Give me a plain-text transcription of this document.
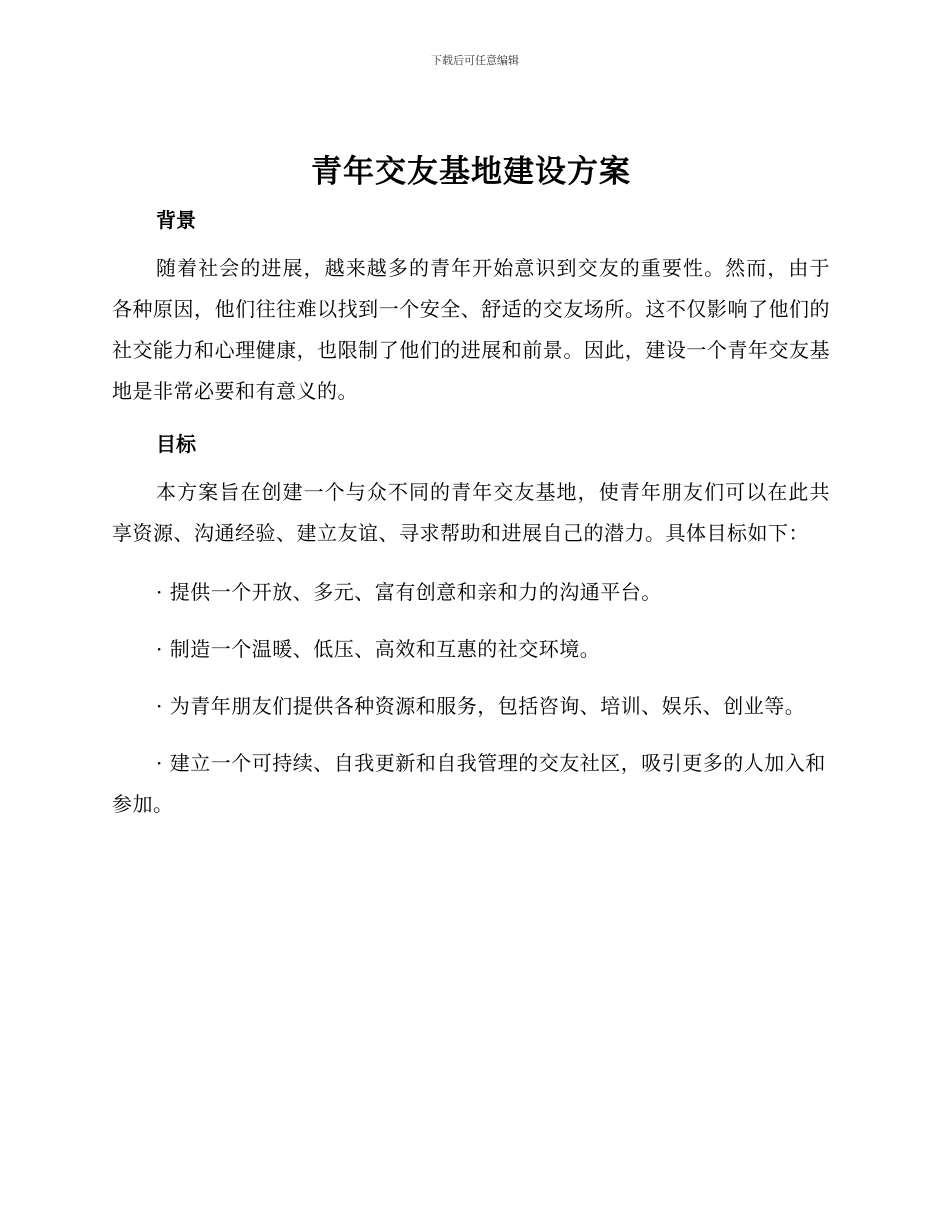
下载后可任意编辑
青年交友基地建设方案
背景

随着社会的进展，越来越多的青年开始意识到交友的重要性。然而，由于各种原因，他们往往难以找到一个安全、舒适的交友场所。这不仅影响了他们的社交能力和心理健康，也限制了他们的进展和前景。因此，建设一个青年交友基地是非常必要和有意义的。

目标

本方案旨在创建一个与众不同的青年交友基地，使青年朋友们可以在此共享资源、沟通经验、建立友谊、寻求帮助和进展自己的潜力。具体目标如下：

· 提供一个开放、多元、富有创意和亲和力的沟通平台。

· 制造一个温暖、低压、高效和互惠的社交环境。

· 为青年朋友们提供各种资源和服务，包括咨询、培训、娱乐、创业等。

· 建立一个可持续、自我更新和自我管理的交友社区，吸引更多的人加入和参加。
